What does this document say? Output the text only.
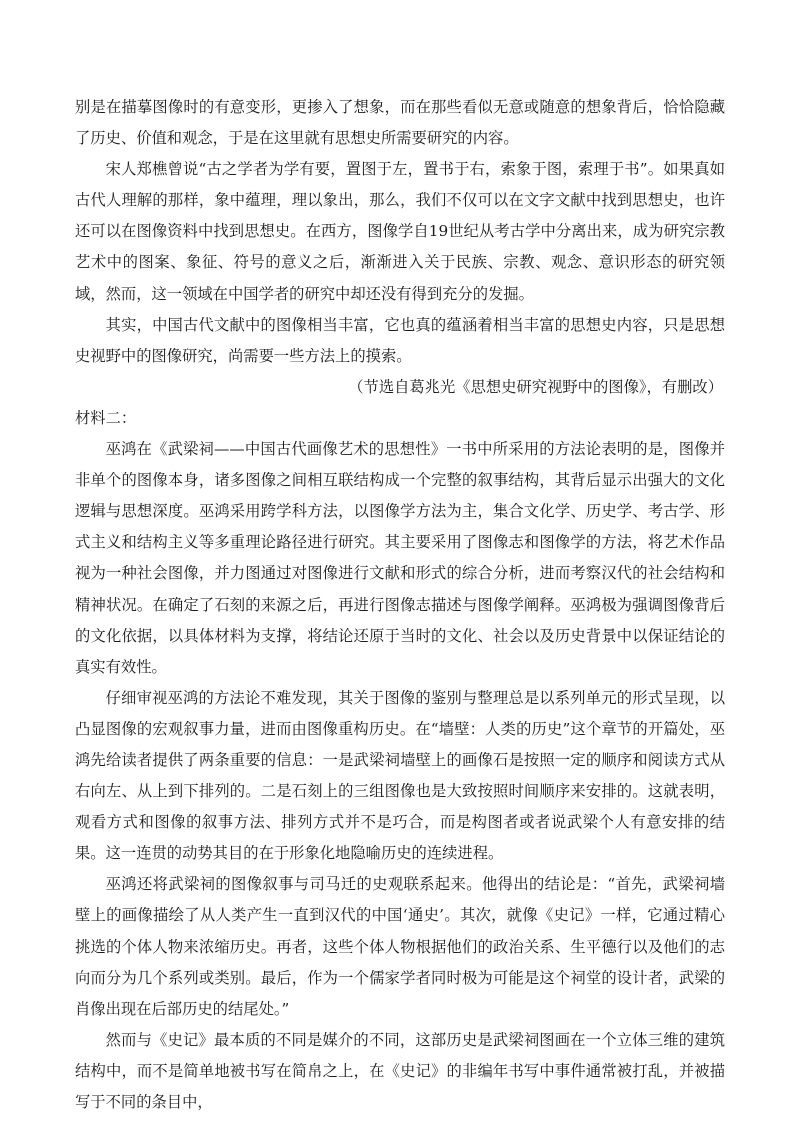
别是在描摹图像时的有意变形，更掺入了想象，而在那些看似无意或随意的想象背后，恰恰隐藏了历史、价值和观念，于是在这里就有思想史所需要研究的内容。

宋人郑樵曾说“古之学者为学有要，置图于左，置书于右，索象于图，索理于书”。如果真如古代人理解的那样，象中蕴理，理以象出，那么，我们不仅可以在文字文献中找到思想史，也许还可以在图像资料中找到思想史。在西方，图像学自19世纪从考古学中分离出来，成为研究宗教艺术中的图案、象征、符号的意义之后，渐渐进入关于民族、宗教、观念、意识形态的研究领域，然而，这一领域在中国学者的研究中却还没有得到充分的发掘。

其实，中国古代文献中的图像相当丰富，它也真的蕴涵着相当丰富的思想史内容，只是思想史视野中的图像研究，尚需要一些方法上的摸索。

（节选自葛兆光《思想史研究视野中的图像》，有删改）

材料二：

巫鸿在《武梁祠——中国古代画像艺术的思想性》一书中所采用的方法论表明的是，图像并非单个的图像本身，诸多图像之间相互联结构成一个完整的叙事结构，其背后显示出强大的文化逻辑与思想深度。巫鸿采用跨学科方法，以图像学方法为主，集合文化学、历史学、考古学、形式主义和结构主义等多重理论路径进行研究。其主要采用了图像志和图像学的方法，将艺术作品视为一种社会图像，并力图通过对图像进行文献和形式的综合分析，进而考察汉代的社会结构和精神状况。在确定了石刻的来源之后，再进行图像志描述与图像学阐释。巫鸿极为强调图像背后的文化依据，以具体材料为支撑，将结论还原于当时的文化、社会以及历史背景中以保证结论的真实有效性。

仔细审视巫鸿的方法论不难发现，其关于图像的鉴别与整理总是以系列单元的形式呈现，以凸显图像的宏观叙事力量，进而由图像重构历史。在“墙壁：人类的历史”这个章节的开篇处，巫鸿先给读者提供了两条重要的信息：一是武梁祠墙壁上的画像石是按照一定的顺序和阅读方式从右向左、从上到下排列的。二是石刻上的三组图像也是大致按照时间顺序来安排的。这就表明，观看方式和图像的叙事方法、排列方式并不是巧合，而是构图者或者说武梁个人有意安排的结果。这一连贯的动势其目的在于形象化地隐喻历史的连续进程。

巫鸿还将武梁祠的图像叙事与司马迁的史观联系起来。他得出的结论是：“首先，武梁祠墙壁上的画像描绘了从人类产生一直到汉代的中国‘通史’。其次，就像《史记》一样，它通过精心挑选的个体人物来浓缩历史。再者，这些个体人物根据他们的政治关系、生平德行以及他们的志向而分为几个系列或类别。最后，作为一个儒家学者同时极为可能是这个祠堂的设计者，武梁的肖像出现在后部历史的结尾处。”

然而与《史记》最本质的不同是媒介的不同，这部历史是武梁祠图画在一个立体三维的建筑结构中，而不是简单地被书写在简帛之上，在《史记》的非编年书写中事件通常被打乱，并被描写于不同的条目中，
